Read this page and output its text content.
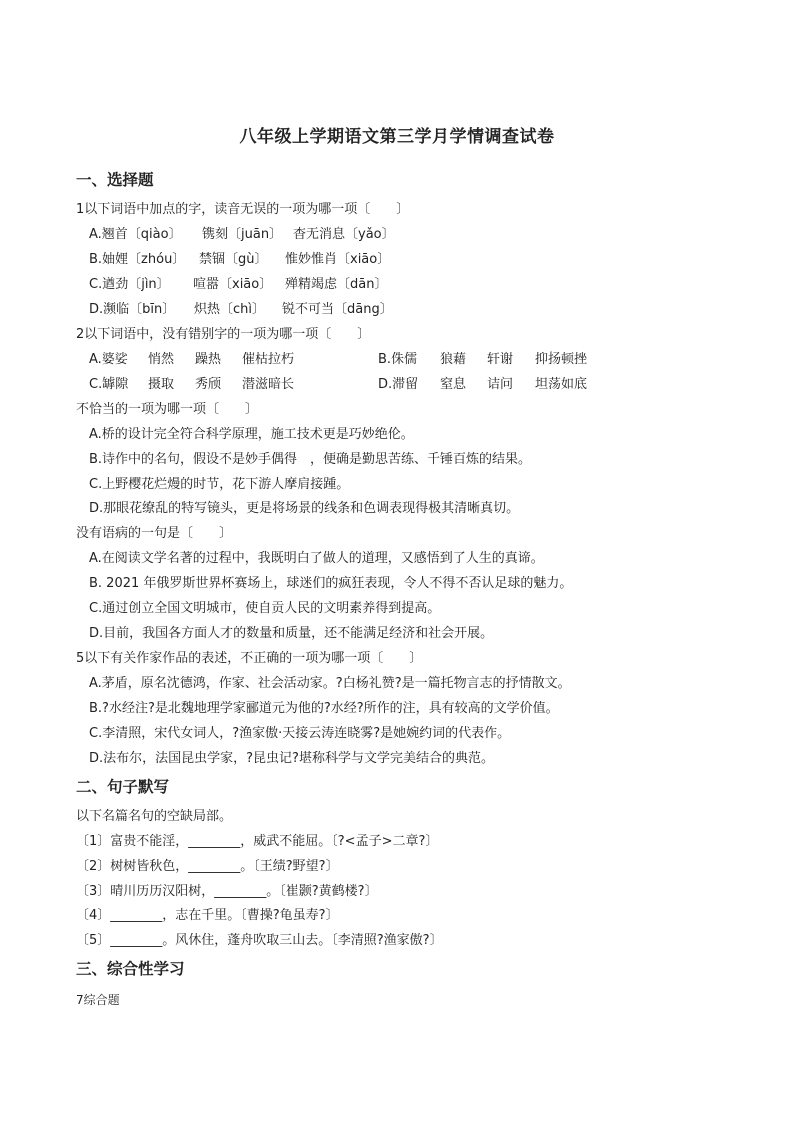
八年级上学期语文第三学月学情调查试卷
一、选择题
1以下词语中加点的字，读音无误的一项为哪一项〔　　〕
A.翘首〔qiào〕 镌刻〔juān〕 杳无消息〔yǎo〕
B.妯娌〔zhóu〕 禁锢〔gù〕 惟妙惟肖〔xiāo〕
C.遒劲〔jìn〕 喧嚣〔xiāo〕 殚精竭虑〔dān〕
D.濒临〔bīn〕 炽热〔chì〕 锐不可当〔dāng〕
2以下词语中，没有错别字的一项为哪一项〔　　〕
A.婆娑 悄然 躁热 催枯拉朽	B.侏儒 狼藉 轩谢 抑扬顿挫
C.罅隙 摄取 秀颀 潜滋暗长	D.滞留 窒息 诘问 坦荡如底
不恰当的一项为哪一项〔　　〕
A.桥的设计完全符合科学原理，施工技术更是巧妙绝伦。
B.诗作中的名句，假设不是妙手偶得　，便确是勤思苦练、千锤百炼的结果。
C.上野樱花烂熳的时节，花下游人摩肩接踵。
D.那眼花缭乱的特写镜头，更是将场景的线条和色调表现得极其清晰真切。
没有语病的一句是〔　　〕
A.在阅读文学名著的过程中，我既明白了做人的道理，又感悟到了人生的真谛。
B. 2021 年俄罗斯世界杯赛场上，球迷们的疯狂表现，令人不得不否认足球的魅力。
C.通过创立全国文明城市，使自贡人民的文明素养得到提高。
D.目前，我国各方面人才的数量和质量，还不能满足经济和社会开展。
5以下有关作家作品的表述，不正确的一项为哪一项〔　　〕
A.茅盾，原名沈德鸿，作家、社会活动家。?白杨礼赞?是一篇托物言志的抒情散文。
B.?水经注?是北魏地理学家郦道元为他的?水经?所作的注，具有较高的文学价值。
C.李清照，宋代女词人，?渔家傲·天接云涛连晓雾?是她婉约词的代表作。
D.法布尔，法国昆虫学家，?昆虫记?堪称科学与文学完美结合的典范。
二、句子默写
以下名篇名句的空缺局部。
〔1〕富贵不能淫，________，威武不能屈。〔?<孟子>二章?〕
〔2〕树树皆秋色，________。〔王绩?野望?〕
〔3〕晴川历历汉阳树，________。〔崔颢?黄鹤楼?〕
〔4〕________，志在千里。〔曹操?龟虽寿?〕
〔5〕________。风休住，蓬舟吹取三山去。〔李清照?渔家傲?〕
三、综合性学习
7综合题
